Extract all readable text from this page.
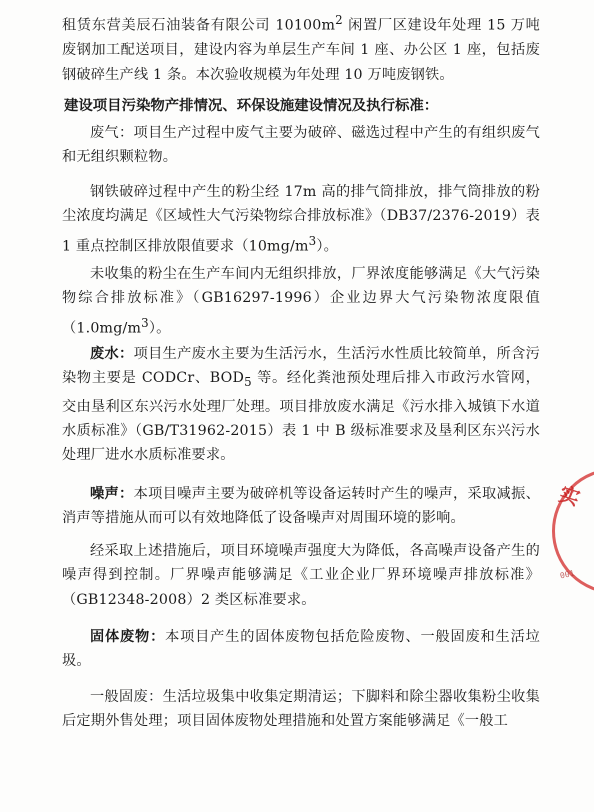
租赁东营美辰石油装备有限公司 $10100m^2$ 闲置厂区建设年处理 15 万吨废钢加工配送项目，建设内容为单层生产车间 1 座、办公区 1 座，包括废钢破碎生产线 1 条。本次验收规模为年处理 10 万吨废钢铁。

建设项目污染物产排情况、环保设施建设情况及执行标准：

废气：项目生产过程中废气主要为破碎、磁选过程中产生的有组织废气和无组织颗粒物。

钢铁破碎过程中产生的粉尘经 17m 高的排气筒排放，排气筒排放的粉尘浓度均满足《区域性大气污染物综合排放标准》（DB37/2376-2019）表 1 重点控制区排放限值要求$(10mg/m^3)$。

未收集的粉尘在生产车间内无组织排放，厂界浓度能够满足《大气污染物综合排放标准》（GB16297-1996）企业边界大气污染物浓度限值$(1.0mg/m^3)$。

废水：项目生产废水主要为生活污水，生活污水性质比较简单，所含污染物主要是 CODCr、$BOD_5$ 等。经化粪池预处理后排入市政污水管网，交由垦利区东兴污水处理厂处理。项目排放废水满足《污水排入城镇下水道水质标准》（GB/T31962-2015）表 1 中 B 级标准要求及垦利区东兴污水处理厂进水水质标准要求。

噪声：本项目噪声主要为破碎机等设备运转时产生的噪声，采取减振、消声等措施从而可以有效地降低了设备噪声对周围环境的影响。

经采取上述措施后，项目环境噪声强度大为降低，各高噪声设备产生的噪声得到控制。厂界噪声能够满足《工业企业厂界环境噪声排放标准》（GB12348-2008）2 类区标准要求。

固体废物：本项目产生的固体废物包括危险废物、一般固废和生活垃圾。

一般固废：生活垃圾集中收集定期清运；下脚料和除尘器收集粉尘收集后定期外售处理；项目固体废物处理措施和处置方案能够满足《一般工

实
001
